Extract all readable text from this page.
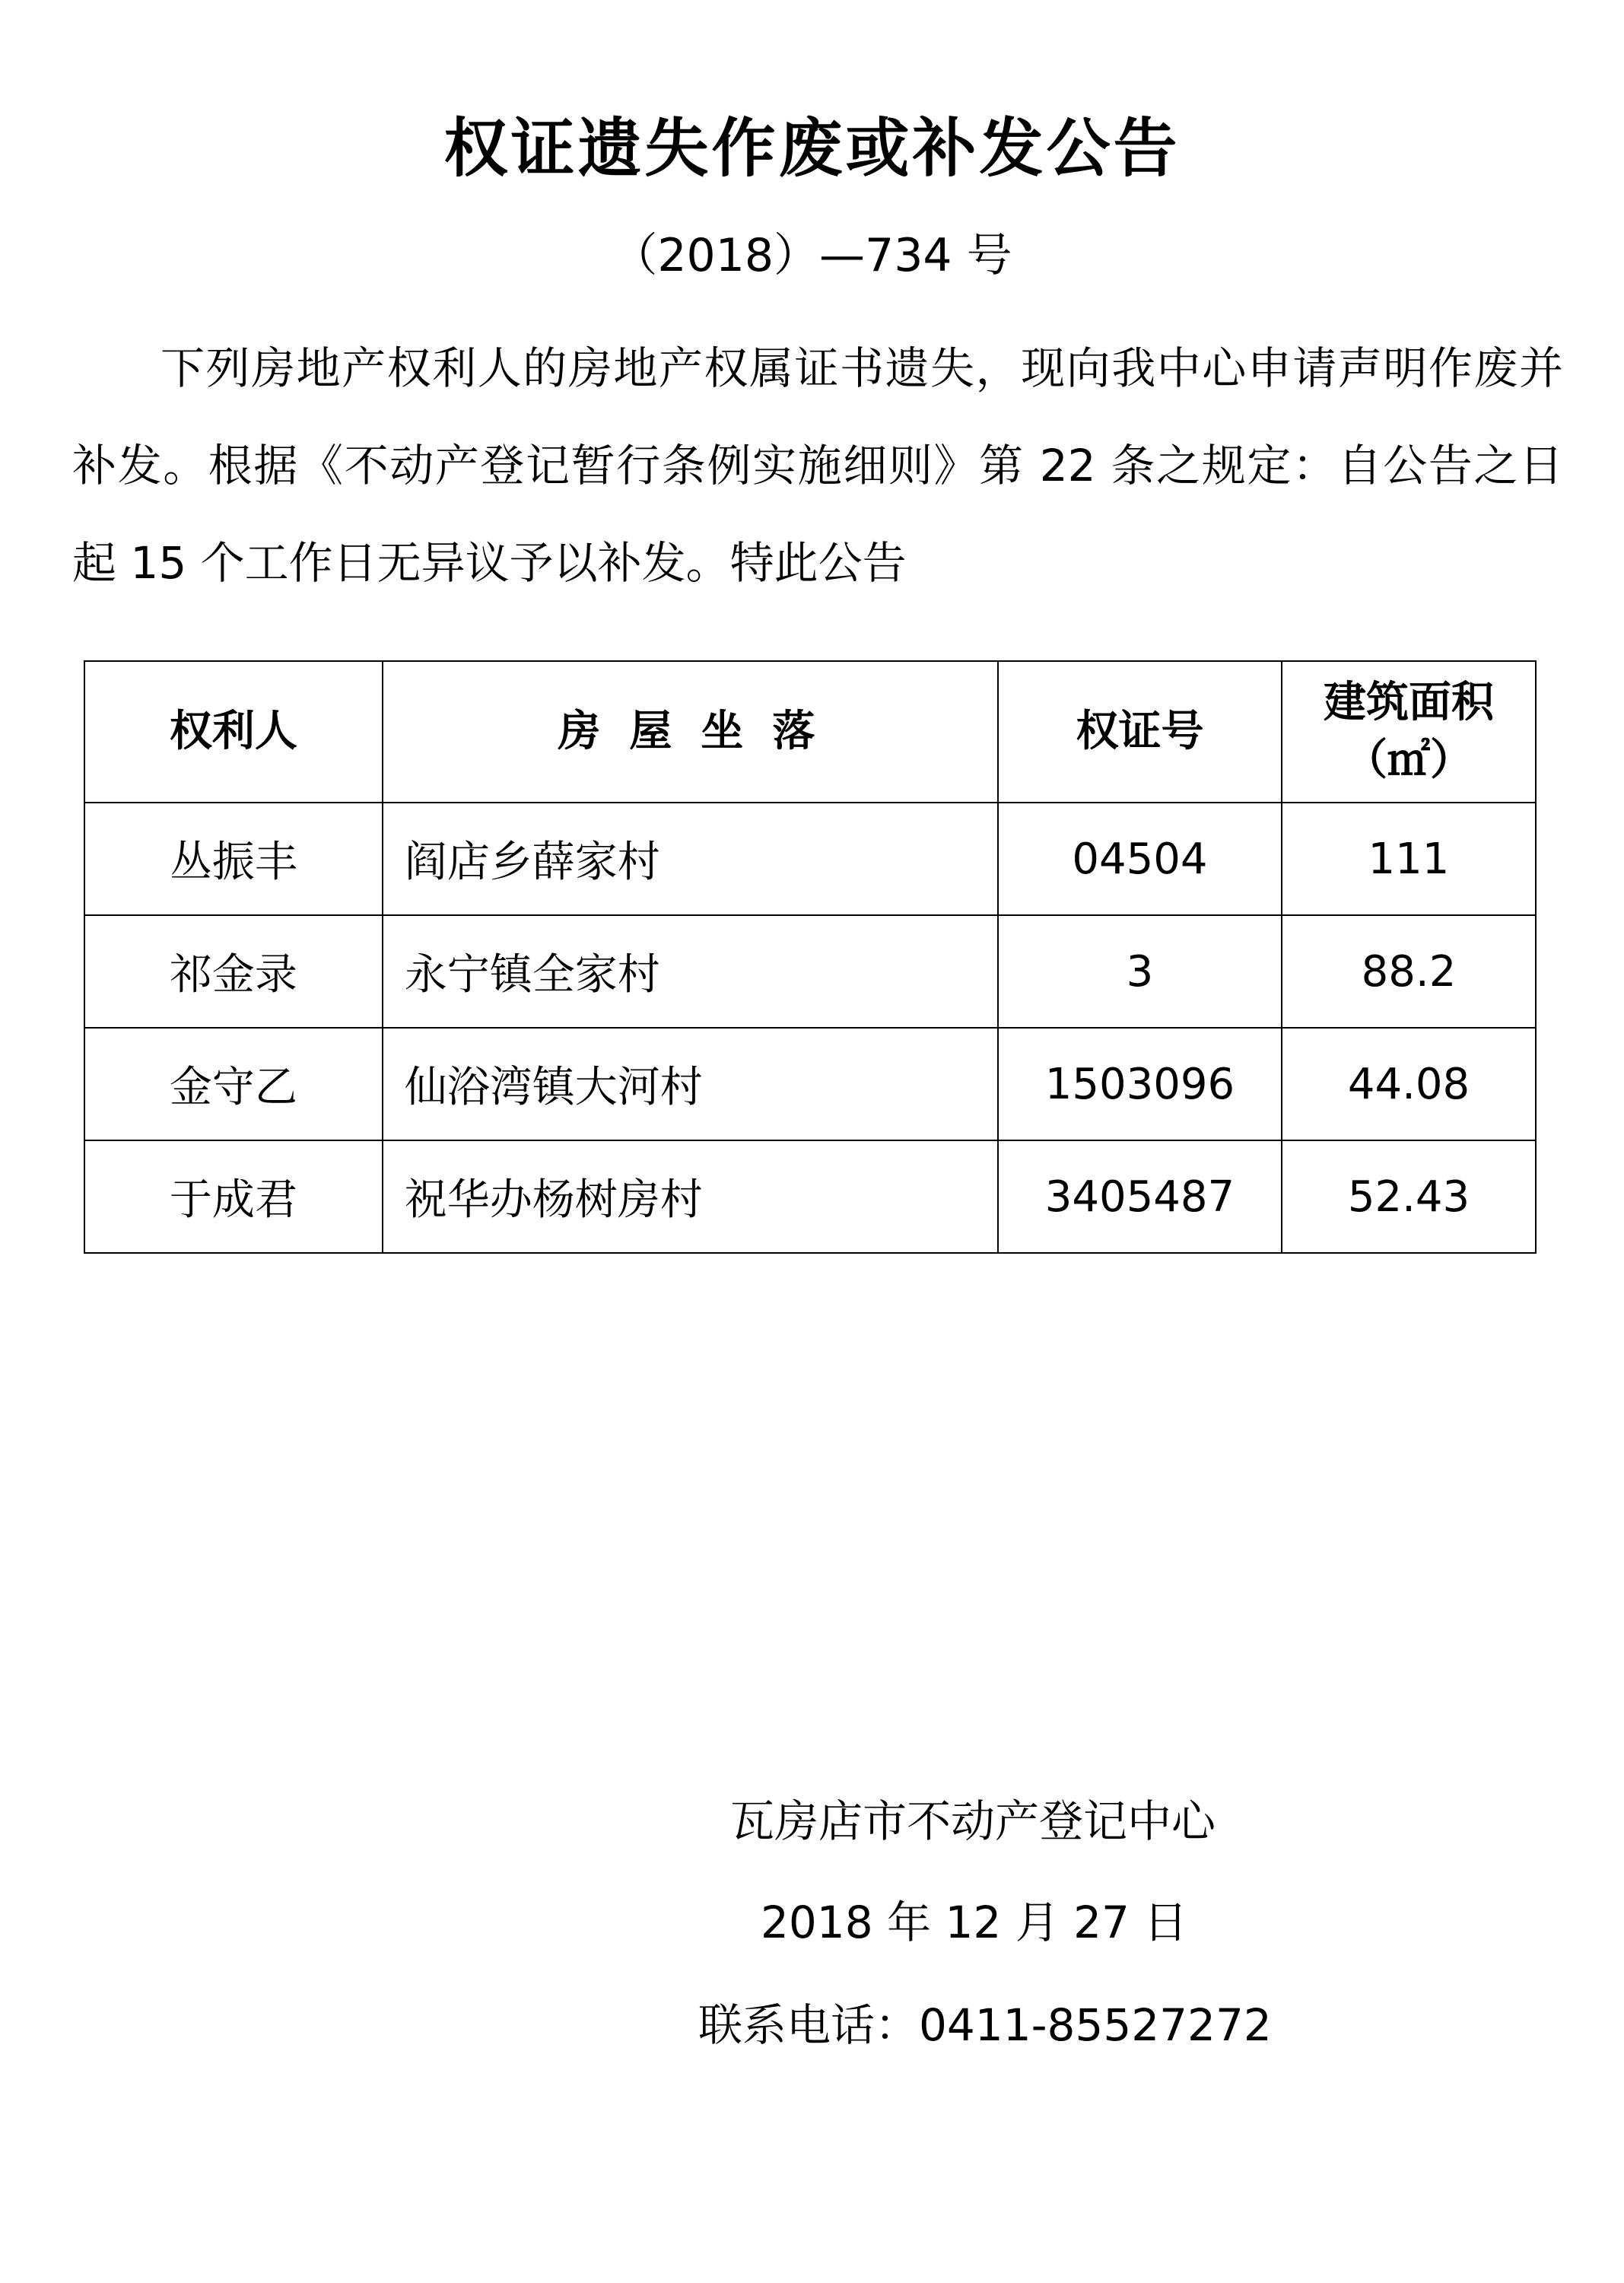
权证遗失作废或补发公告
（2018）—734 号
下列房地产权利人的房地产权属证书遗失，现向我中心申请声明作废并补发。根据《不动产登记暂行条例实施细则》第 22 条之规定：自公告之日起 15 个工作日无异议予以补发。特此公告
权利人	房屋坐落	权证号	建筑面积
（㎡）

丛振丰	阎店乡薛家村	04504	111
祁金录	永宁镇全家村	3	88.2
金守乙	仙浴湾镇大河村	1503096	44.08
于成君	祝华办杨树房村	3405487	52.43
瓦房店市不动产登记中心
2018 年 12 月 27 日
联系电话：0411-85527272
